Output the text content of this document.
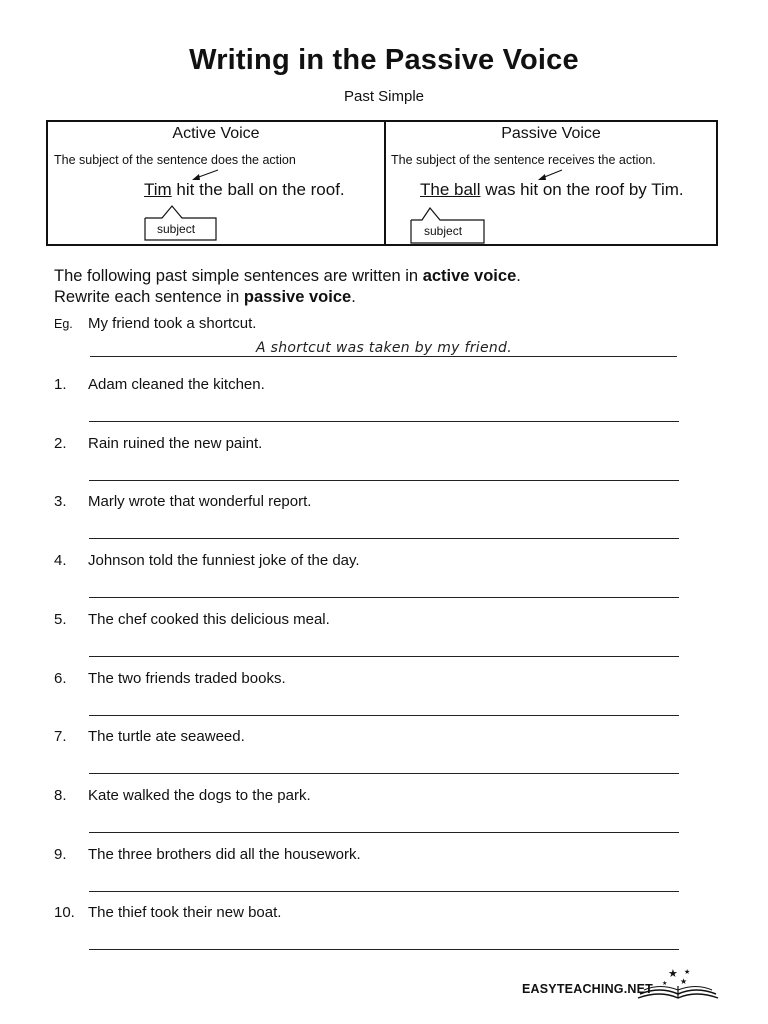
Writing in the Passive Voice
Past Simple
Active Voice
The subject of the sentence does the action
Tim hit the ball on the roof.
subject
Passive Voice
The subject of the sentence receives the action.
The ball was hit on the roof by Tim.
subject
The following past simple sentences are written in active voice.
Rewrite each sentence in passive voice.
Eg. My friend took a shortcut.
A shortcut was taken by my friend.
1. Adam cleaned the kitchen.
2. Rain ruined the new paint.
3. Marly wrote that wonderful report.
4. Johnson told the funniest joke of the day.
5. The chef cooked this delicious meal.
6. The two friends traded books.
7. The turtle ate seaweed.
8. Kate walked the dogs to the park.
9. The three brothers did all the housework.
10. The thief took their new boat.
EASYTEACHING.NET
★ ★
★
★
